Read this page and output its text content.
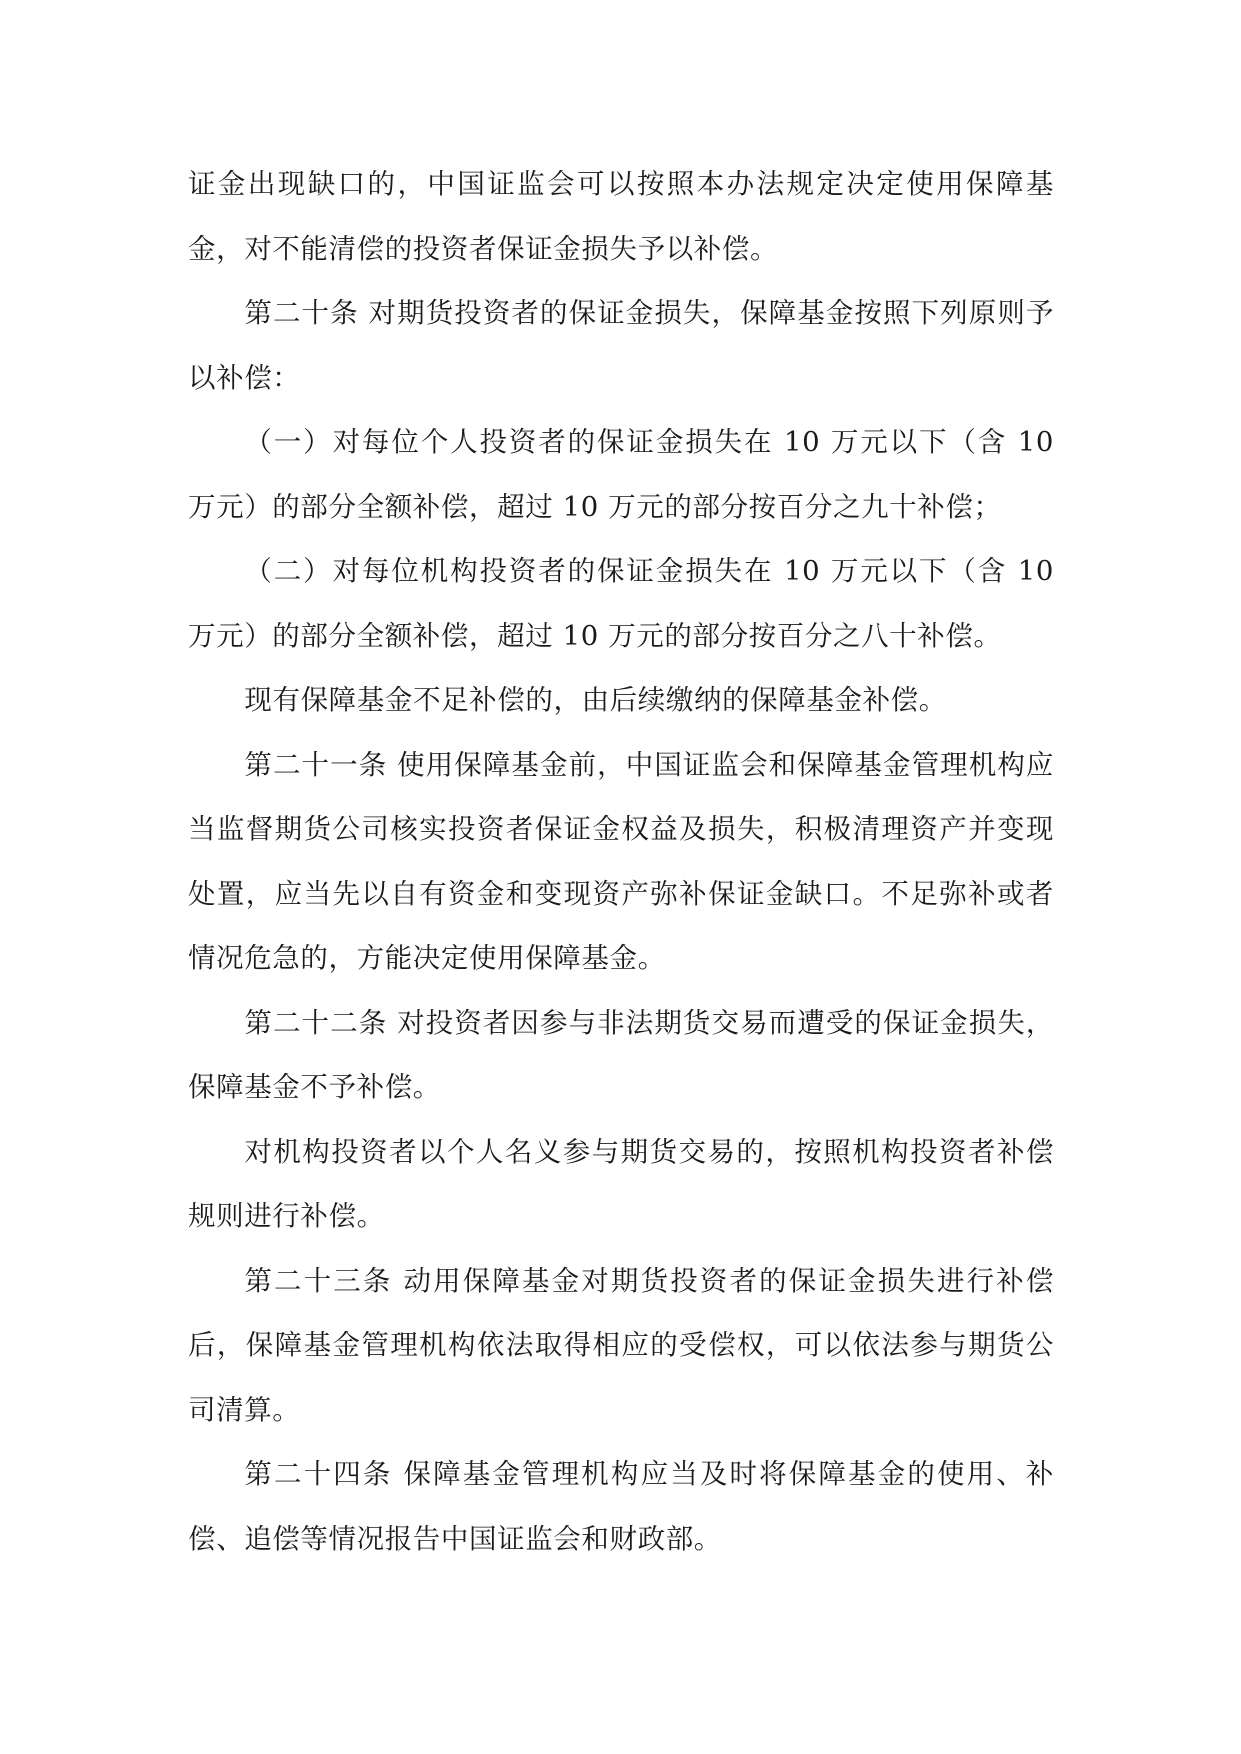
证金出现缺口的，中国证监会可以按照本办法规定决定使用保障基金，对不能清偿的投资者保证金损失予以补偿。

第二十条 对期货投资者的保证金损失，保障基金按照下列原则予以补偿：

（一）对每位个人投资者的保证金损失在 10 万元以下（含 10 万元）的部分全额补偿，超过 10 万元的部分按百分之九十补偿；

（二）对每位机构投资者的保证金损失在 10 万元以下（含 10 万元）的部分全额补偿，超过 10 万元的部分按百分之八十补偿。

现有保障基金不足补偿的，由后续缴纳的保障基金补偿。

第二十一条 使用保障基金前，中国证监会和保障基金管理机构应当监督期货公司核实投资者保证金权益及损失，积极清理资产并变现处置，应当先以自有资金和变现资产弥补保证金缺口。不足弥补或者情况危急的，方能决定使用保障基金。

第二十二条 对投资者因参与非法期货交易而遭受的保证金损失，保障基金不予补偿。

对机构投资者以个人名义参与期货交易的，按照机构投资者补偿规则进行补偿。

第二十三条 动用保障基金对期货投资者的保证金损失进行补偿后，保障基金管理机构依法取得相应的受偿权，可以依法参与期货公司清算。

第二十四条 保障基金管理机构应当及时将保障基金的使用、补偿、追偿等情况报告中国证监会和财政部。
